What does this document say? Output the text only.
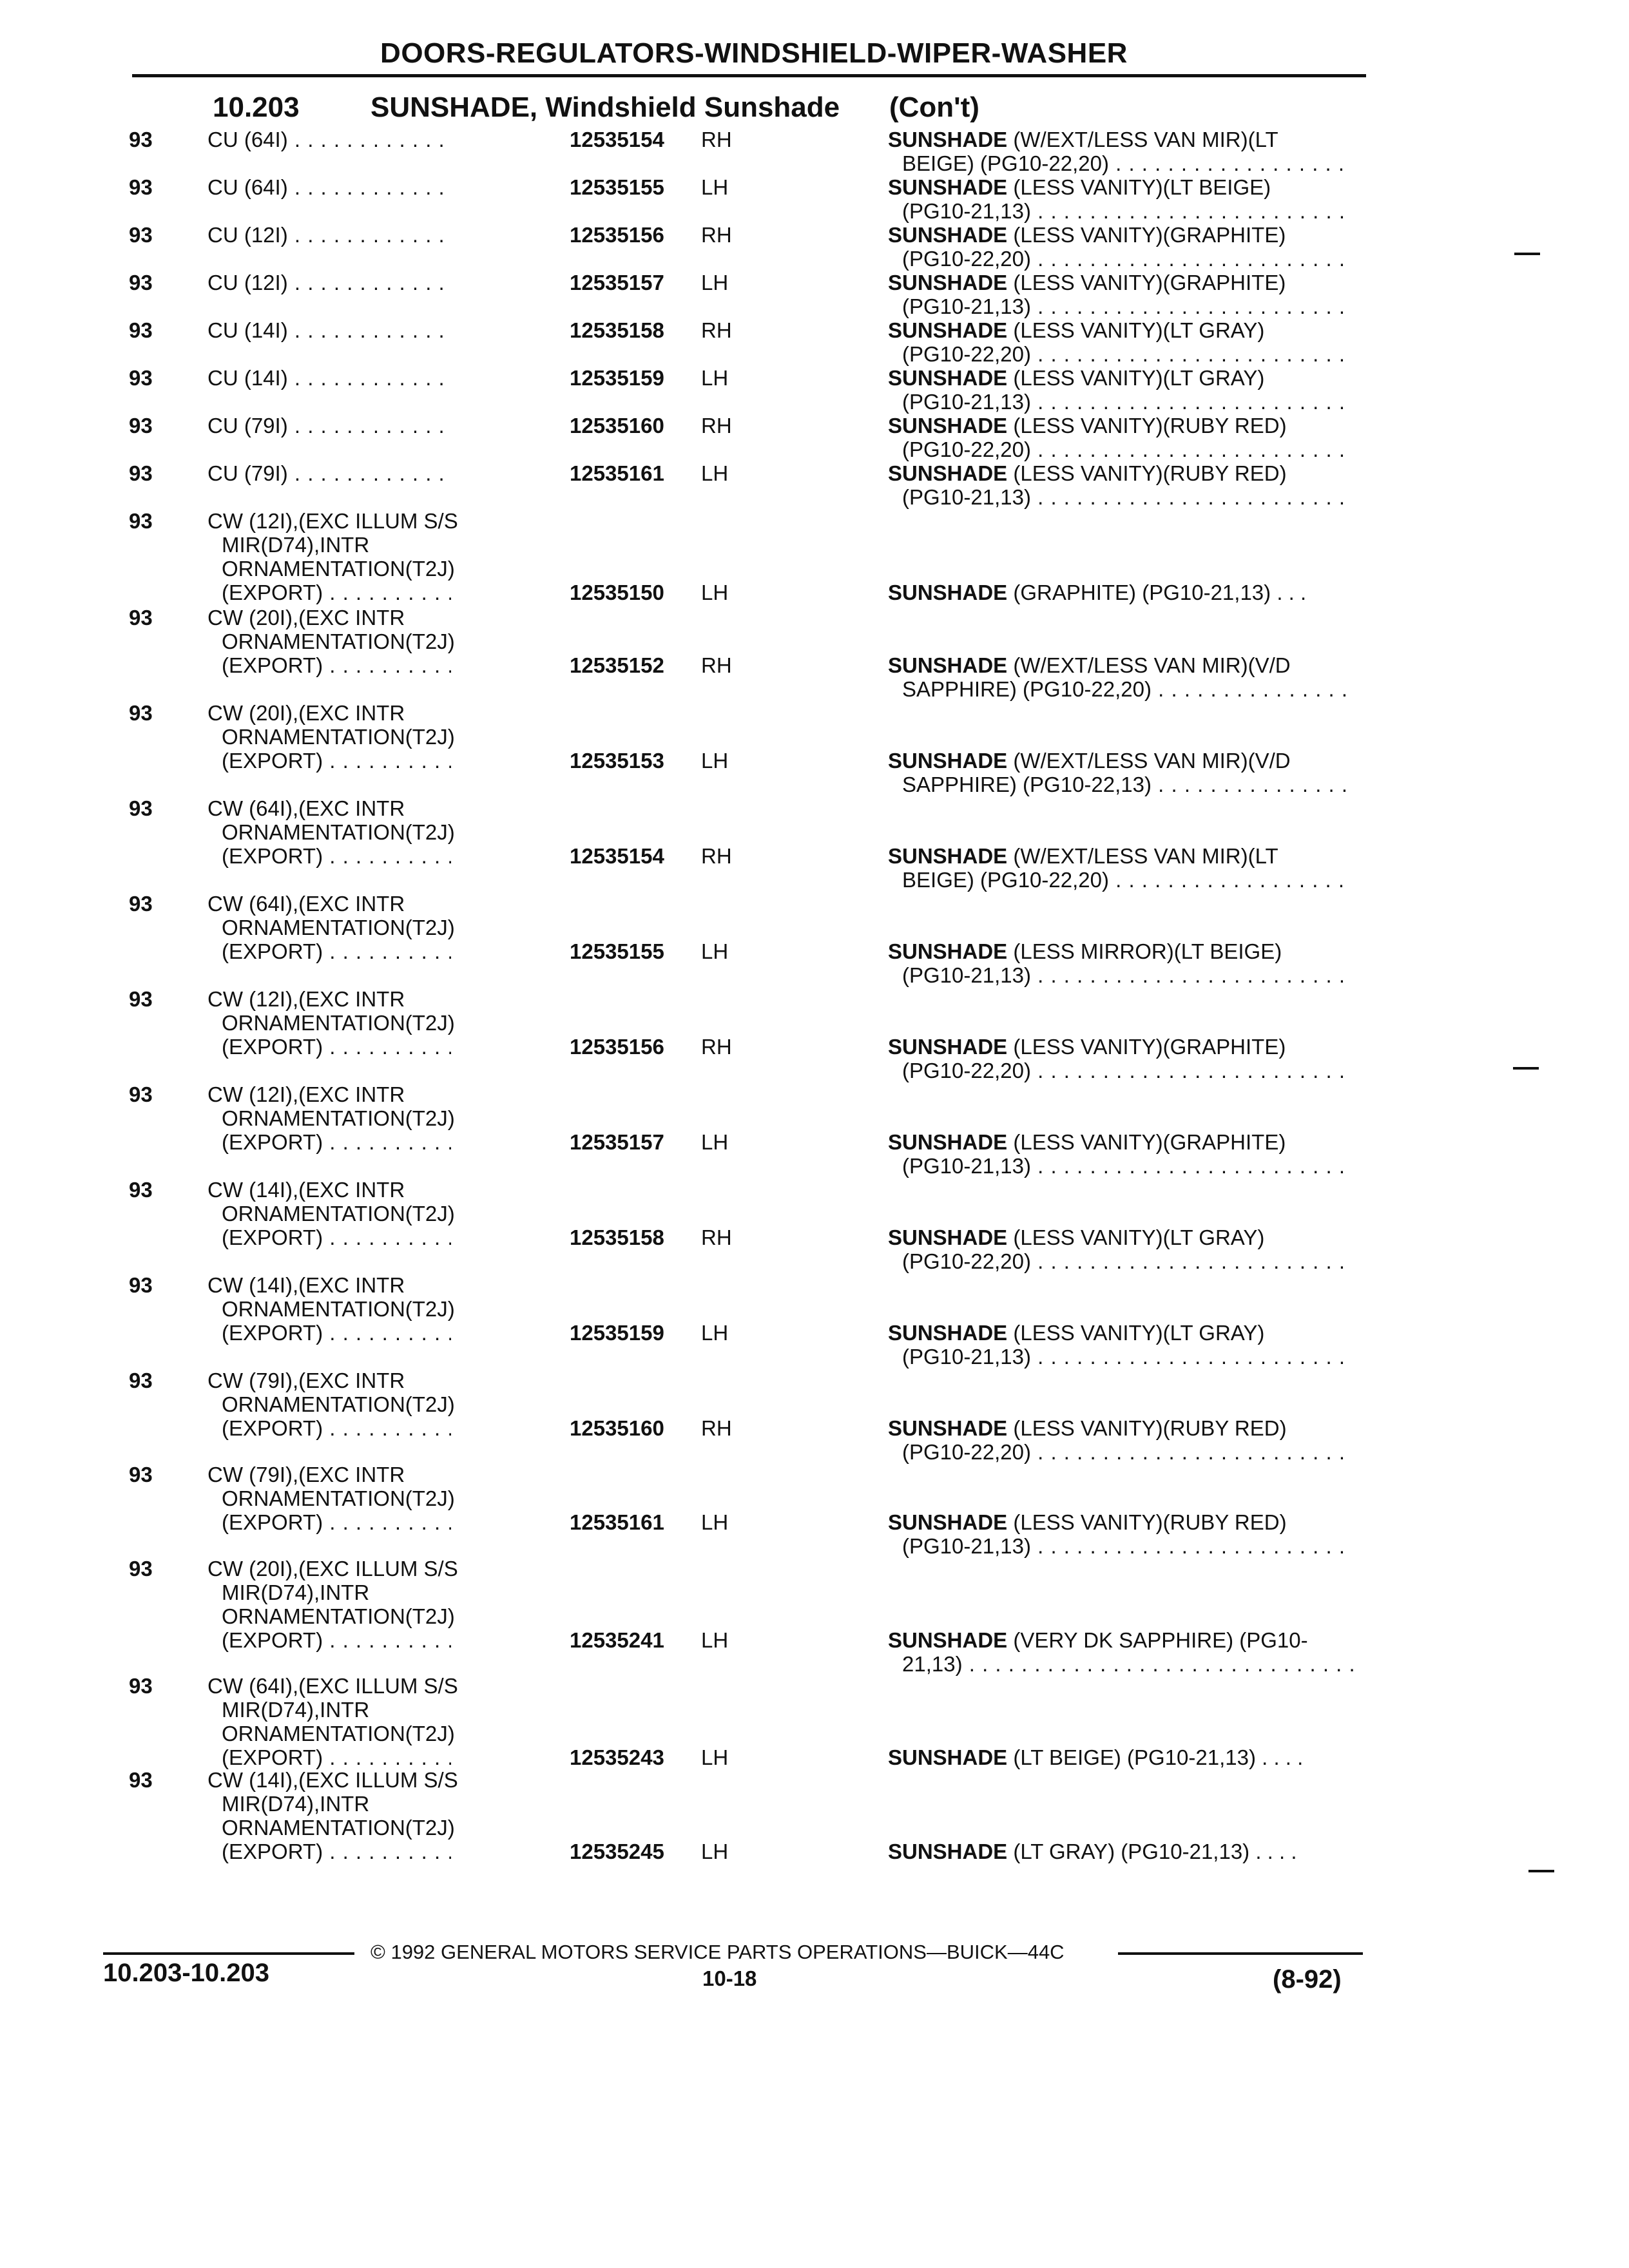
DOORS-REGULATORS-WINDSHIELD-WIPER-WASHER
10.203	SUNSHADE, Windshield Sunshade (Con't)
93	CU (64I) . . .	12535154 RH	SUNSHADE (W/EXT/LESS VAN MIR)(LT
BEIGE) (PG10-22,20) . . .
93	CU (64I) . . .	12535155 LH	SUNSHADE (LESS VANITY)(LT BEIGE)
(PG10-21,13) . . .
93	CU (12I) . . .	12535156 RH	SUNSHADE (LESS VANITY)(GRAPHITE)
(PG10-22,20) . . .
93	CU (12I) . . .	12535157 LH	SUNSHADE (LESS VANITY)(GRAPHITE)
(PG10-21,13) . . .
93	CU (14I) . . .	12535158 RH	SUNSHADE (LESS VANITY)(LT GRAY)
(PG10-22,20) . . .
93	CU (14I) . . .	12535159 LH	SUNSHADE (LESS VANITY)(LT GRAY)
(PG10-21,13) . . .
93	CU (79I) . . .	12535160 RH	SUNSHADE (LESS VANITY)(RUBY RED)
(PG10-22,20) . . .
93	CU (79I) . . .	12535161 LH	SUNSHADE (LESS VANITY)(RUBY RED)
(PG10-21,13) . . .
93	CW (12I),(EXC ILLUM S/S
MIR(D74),INTR
ORNAMENTATION(T2J)
(EXPORT) . . .	12535150 LH	SUNSHADE (GRAPHITE) (PG10-21,13) . . .
93	CW (20I),(EXC INTR
ORNAMENTATION(T2J)
(EXPORT) . . .	12535152 RH	SUNSHADE (W/EXT/LESS VAN MIR)(V/D
SAPPHIRE) (PG10-22,20) . . .
93	CW (20I),(EXC INTR
ORNAMENTATION(T2J)
(EXPORT) . . .	12535153 LH	SUNSHADE (W/EXT/LESS VAN MIR)(V/D
SAPPHIRE) (PG10-22,13) . . .
93	CW (64I),(EXC INTR
ORNAMENTATION(T2J)
(EXPORT) . . .	12535154 RH	SUNSHADE (W/EXT/LESS VAN MIR)(LT
BEIGE) (PG10-22,20) . . .
93	CW (64I),(EXC INTR
ORNAMENTATION(T2J)
(EXPORT) . . .	12535155 LH	SUNSHADE (LESS MIRROR)(LT BEIGE)
(PG10-21,13) . . .
93	CW (12I),(EXC INTR
ORNAMENTATION(T2J)
(EXPORT) . . .	12535156 RH	SUNSHADE (LESS VANITY)(GRAPHITE)
(PG10-22,20) . . .
93	CW (12I),(EXC INTR
ORNAMENTATION(T2J)
(EXPORT) . . .	12535157 LH	SUNSHADE (LESS VANITY)(GRAPHITE)
(PG10-21,13) . . .
93	CW (14I),(EXC INTR
ORNAMENTATION(T2J)
(EXPORT) . . .	12535158 RH	SUNSHADE (LESS VANITY)(LT GRAY)
(PG10-22,20) . . .
93	CW (14I),(EXC INTR
ORNAMENTATION(T2J)
(EXPORT) . . .	12535159 LH	SUNSHADE (LESS VANITY)(LT GRAY)
(PG10-21,13) . . .
93	CW (79I),(EXC INTR
ORNAMENTATION(T2J)
(EXPORT) . . .	12535160 RH	SUNSHADE (LESS VANITY)(RUBY RED)
(PG10-22,20) . . .
93	CW (79I),(EXC INTR
ORNAMENTATION(T2J)
(EXPORT) . . .	12535161 LH	SUNSHADE (LESS VANITY)(RUBY RED)
(PG10-21,13) . . .
93	CW (20I),(EXC ILLUM S/S
MIR(D74),INTR
ORNAMENTATION(T2J)
(EXPORT) . . .	12535241 LH	SUNSHADE (VERY DK SAPPHIRE) (PG10-
21,13) . . .
93	CW (64I),(EXC ILLUM S/S
MIR(D74),INTR
ORNAMENTATION(T2J)
(EXPORT) . . .	12535243 LH	SUNSHADE (LT BEIGE) (PG10-21,13) . . . .
93	CW (14I),(EXC ILLUM S/S
MIR(D74),INTR
ORNAMENTATION(T2J)
(EXPORT) . . .	12535245 LH	SUNSHADE (LT GRAY) (PG10-21,13) . . . .
10.203-10.203
© 1992 GENERAL MOTORS SERVICE PARTS OPERATIONS—BUICK—44C
10-18	(8-92)
